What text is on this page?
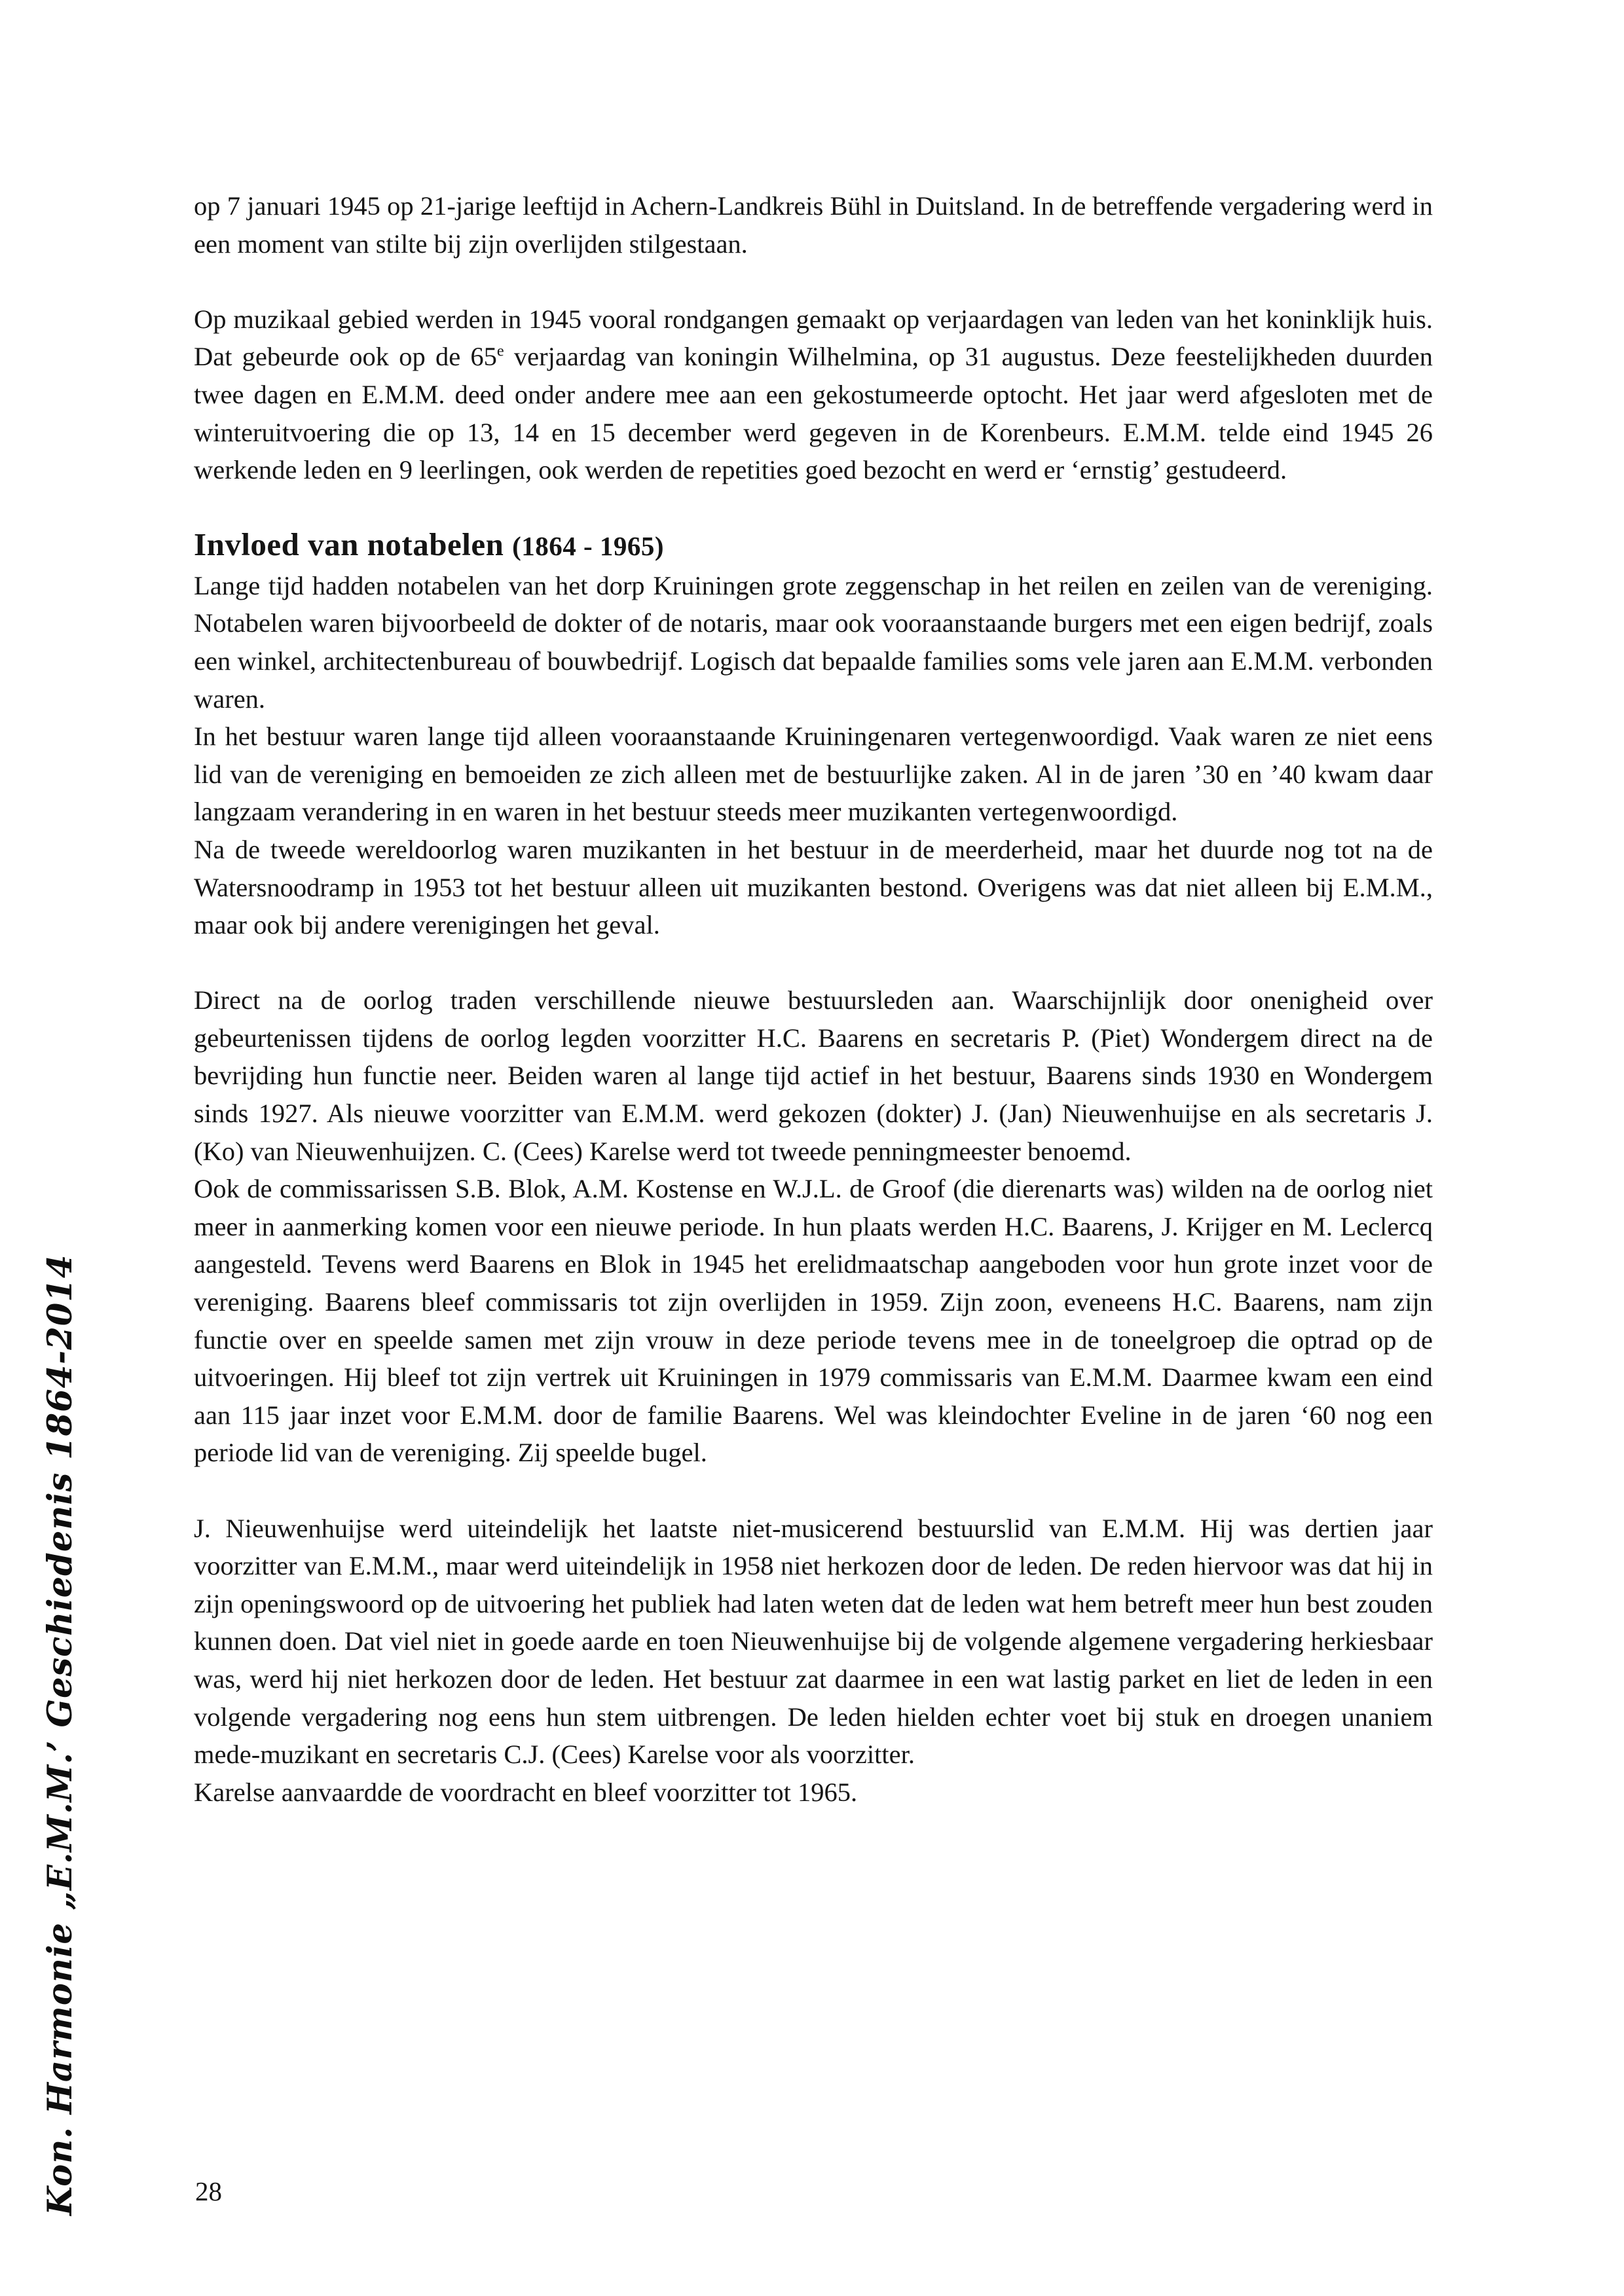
Kon. Harmonie „E.M.M.’ Geschiedenis 1864-2014

op 7 januari 1945 op 21-jarige leeftijd in Achern-Landkreis Bühl in Duitsland. In de betreffende vergadering werd in een moment van stilte bij zijn overlijden stilgestaan.

Op muzikaal gebied werden in 1945 vooral rondgangen gemaakt op verjaardagen van leden van het koninklijk huis. Dat gebeurde ook op de 65e verjaardag van koningin Wilhelmina, op 31 augustus. Deze feestelijkheden duurden twee dagen en E.M.M. deed onder andere mee aan een gekostumeerde optocht. Het jaar werd afgesloten met de winteruitvoering die op 13, 14 en 15 december werd gegeven in de Korenbeurs. E.M.M. telde eind 1945 26 werkende leden en 9 leerlingen, ook werden de repetities goed bezocht en werd er ‘ernstig’ gestudeerd.

Invloed van notabelen (1864 - 1965)

Lange tijd hadden notabelen van het dorp Kruiningen grote zeggenschap in het reilen en zeilen van de vereniging. Notabelen waren bijvoorbeeld de dokter of de notaris, maar ook vooraanstaande burgers met een eigen bedrijf, zoals een winkel, architectenbureau of bouwbedrijf. Logisch dat bepaalde families soms vele jaren aan E.M.M. verbonden waren.

In het bestuur waren lange tijd alleen vooraanstaande Kruiningenaren vertegenwoordigd. Vaak waren ze niet eens lid van de vereniging en bemoeiden ze zich alleen met de bestuurlijke zaken. Al in de jaren ’30 en ’40 kwam daar langzaam verandering in en waren in het bestuur steeds meer muzikanten vertegenwoordigd.

Na de tweede wereldoorlog waren muzikanten in het bestuur in de meerderheid, maar het duurde nog tot na de Watersnoodramp in 1953 tot het bestuur alleen uit muzikanten bestond. Overigens was dat niet alleen bij E.M.M., maar ook bij andere verenigingen het geval.

Direct na de oorlog traden verschillende nieuwe bestuursleden aan. Waarschijnlijk door onenigheid over gebeurtenissen tijdens de oorlog legden voorzitter H.C. Baarens en secretaris P. (Piet) Wondergem direct na de bevrijding hun functie neer. Beiden waren al lange tijd actief in het bestuur, Baarens sinds 1930 en Wondergem sinds 1927. Als nieuwe voorzitter van E.M.M. werd gekozen (dokter) J. (Jan) Nieuwenhuijse en als secretaris J. (Ko) van Nieuwenhuijzen. C. (Cees) Karelse werd tot tweede penningmeester benoemd.

Ook de commissarissen S.B. Blok, A.M. Kostense en W.J.L. de Groof (die dierenarts was) wilden na de oorlog niet meer in aanmerking komen voor een nieuwe periode. In hun plaats werden H.C. Baarens, J. Krijger en M. Leclercq aangesteld. Tevens werd Baarens en Blok in 1945 het erelidmaatschap aangeboden voor hun grote inzet voor de vereniging. Baarens bleef commissaris tot zijn overlijden in 1959. Zijn zoon, eveneens H.C. Baarens, nam zijn functie over en speelde samen met zijn vrouw in deze periode tevens mee in de toneelgroep die optrad op de uitvoeringen. Hij bleef tot zijn vertrek uit Kruiningen in 1979 commissaris van E.M.M. Daarmee kwam een eind aan 115 jaar inzet voor E.M.M. door de familie Baarens. Wel was kleindochter Eveline in de jaren ‘60 nog een periode lid van de vereniging. Zij speelde bugel.

J. Nieuwenhuijse werd uiteindelijk het laatste niet-musicerend bestuurslid van E.M.M. Hij was dertien jaar voorzitter van E.M.M., maar werd uiteindelijk in 1958 niet herkozen door de leden. De reden hiervoor was dat hij in zijn openingswoord op de uitvoering het publiek had laten weten dat de leden wat hem betreft meer hun best zouden kunnen doen. Dat viel niet in goede aarde en toen Nieuwenhuijse bij de volgende algemene vergadering herkiesbaar was, werd hij niet herkozen door de leden. Het bestuur zat daarmee in een wat lastig parket en liet de leden in een volgende vergadering nog eens hun stem uitbrengen. De leden hielden echter voet bij stuk en droegen unaniem mede-muzikant en secretaris C.J. (Cees) Karelse voor als voorzitter.

Karelse aanvaardde de voordracht en bleef voorzitter tot 1965.

28
